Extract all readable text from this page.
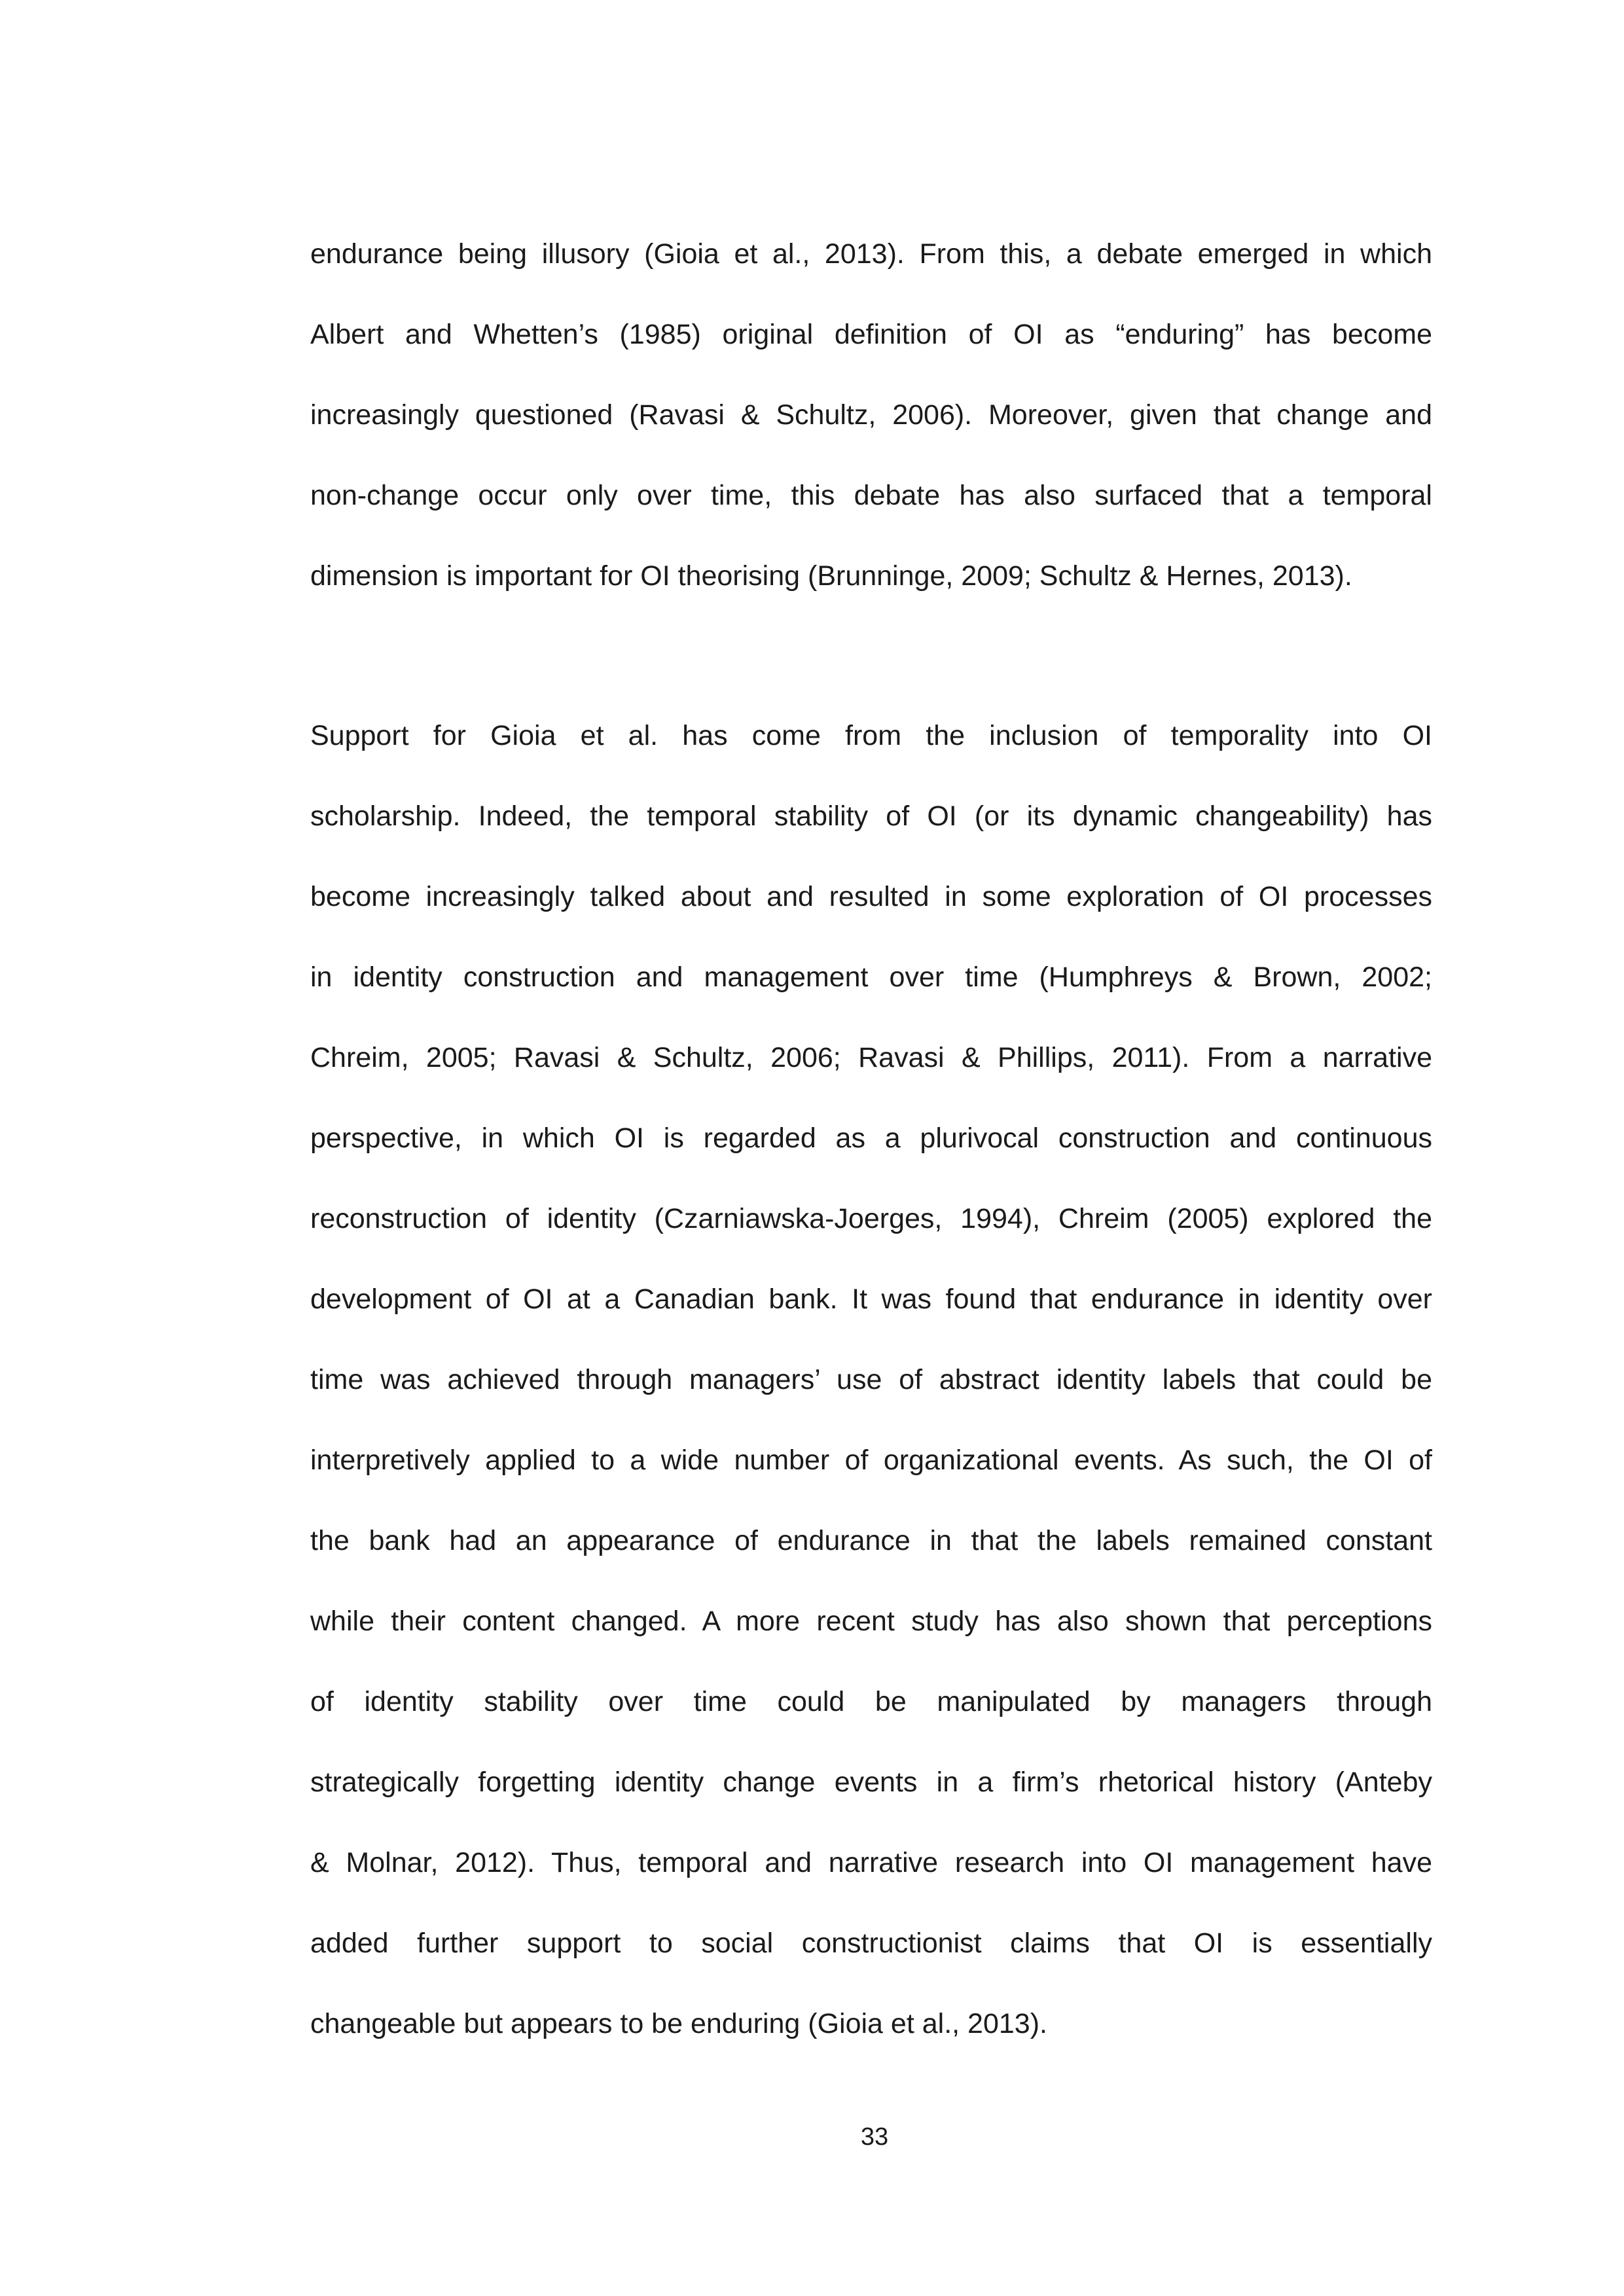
endurance being illusory (Gioia et al., 2013). From this, a debate emerged in which
Albert and Whetten’s (1985) original definition of OI as “enduring” has become
increasingly questioned (Ravasi & Schultz, 2006). Moreover, given that change and
non-change occur only over time, this debate has also surfaced that a temporal
dimension is important for OI theorising (Brunninge, 2009; Schultz & Hernes, 2013).
Support for Gioia et al. has come from the inclusion of temporality into OI
scholarship. Indeed, the temporal stability of OI (or its dynamic changeability) has
become increasingly talked about and resulted in some exploration of OI processes
in identity construction and management over time (Humphreys & Brown, 2002;
Chreim, 2005; Ravasi & Schultz, 2006; Ravasi & Phillips, 2011). From a narrative
perspective, in which OI is regarded as a plurivocal construction and continuous
reconstruction of identity (Czarniawska-Joerges, 1994), Chreim (2005) explored the
development of OI at a Canadian bank. It was found that endurance in identity over
time was achieved through managers’ use of abstract identity labels that could be
interpretively applied to a wide number of organizational events. As such, the OI of
the bank had an appearance of endurance in that the labels remained constant
while their content changed. A more recent study has also shown that perceptions
of identity stability over time could be manipulated by managers through
strategically forgetting identity change events in a firm’s rhetorical history (Anteby
& Molnar, 2012). Thus, temporal and narrative research into OI management have
added further support to social constructionist claims that OI is essentially
changeable but appears to be enduring (Gioia et al., 2013).
33
